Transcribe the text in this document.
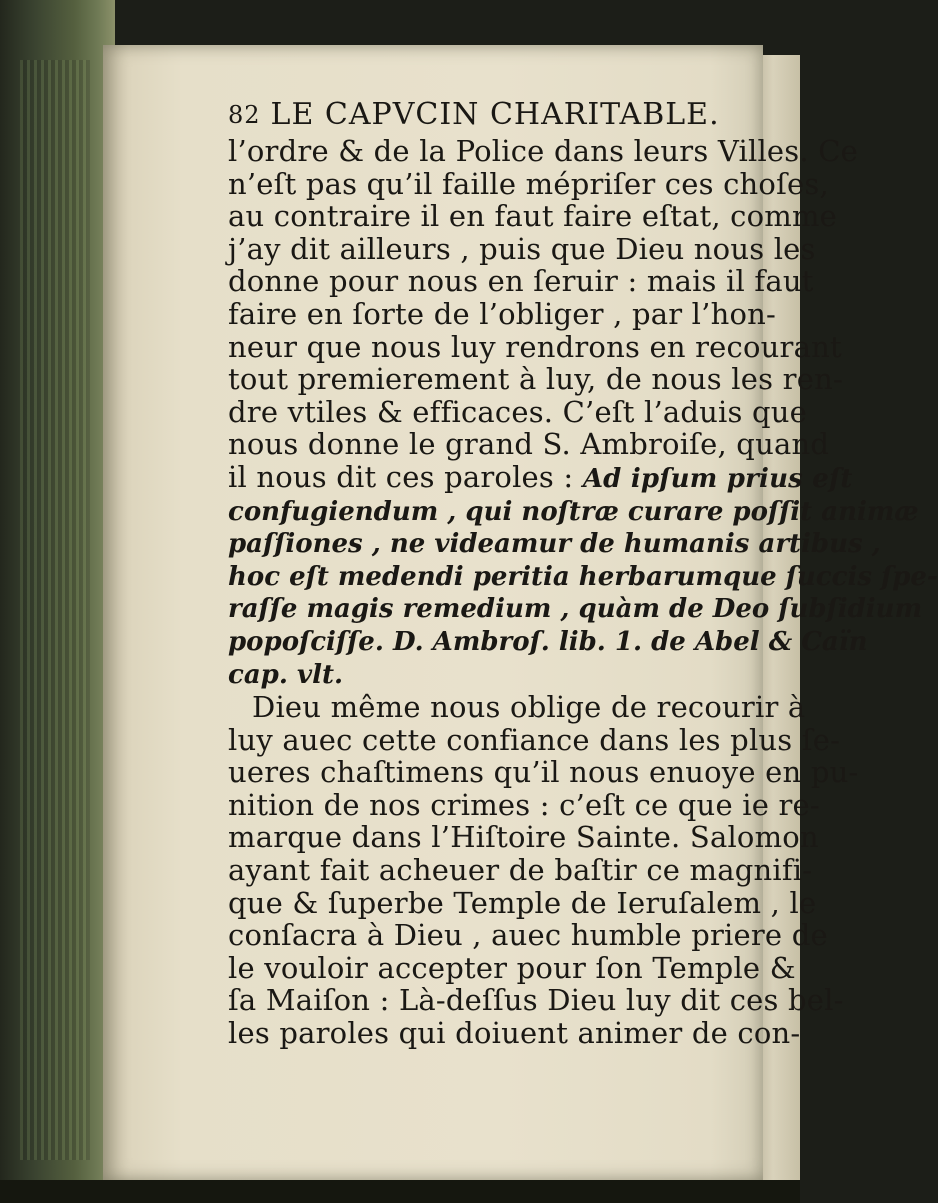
82 LE CAPVCIN CHARITABLE.
l’ordre & de la Police dans leurs Villes. Ce
n’eſt pas qu’il faille mépriſer ces choſes,
au contraire il en faut faire eſtat, comme
j’ay dit ailleurs , puis que Dieu nous les
donne pour nous en ſeruir : mais il faut
faire en ſorte de l’obliger , par l’hon-
neur que nous luy rendrons en recourant
tout premierement à luy, de nous les ren-
dre vtiles & efficaces. C’eſt l’aduis que
nous donne le grand S. Ambroiſe, quand
il nous dit ces paroles : Ad ipſum prius eſt
confugiendum , qui noſtræ curare poſſit animæ
paſſiones , ne videamur de humanis artibus ,
hoc eſt medendi peritia herbarumque ſuccis ſpe-
raſſe magis remedium , quàm de Deo ſubſidium
popoſciſſe. D. Ambroſ. lib. 1. de Abel & Caïn
cap. vlt.
Dieu même nous oblige de recourir à
luy auec cette confiance dans les plus ſe-
ueres chaſtimens qu’il nous enuoye en pu-
nition de nos crimes : c’eſt ce que ie re-
marque dans l’Hiſtoire Sainte. Salomon
ayant fait acheuer de baſtir ce magnifi-
que & ſuperbe Temple de Ieruſalem , le
conſacra à Dieu , auec humble priere de
le vouloir accepter pour ſon Temple &
ſa Maiſon : Là-deſſus Dieu luy dit ces bel-
les paroles qui doiuent animer de con-
